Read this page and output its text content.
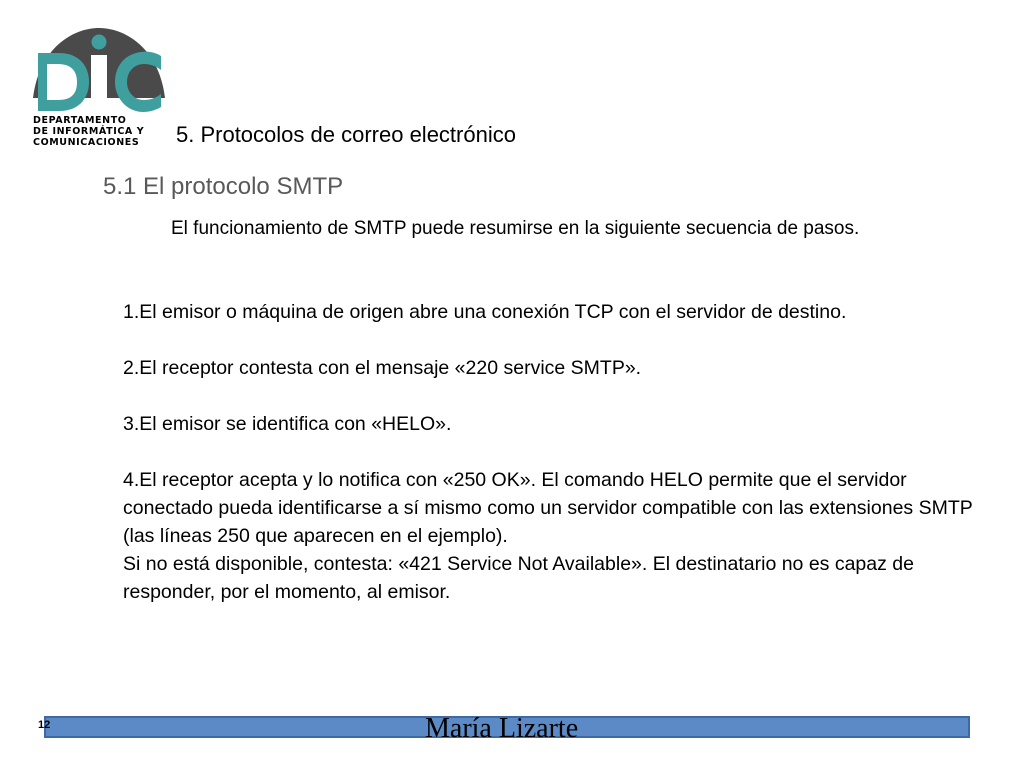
DEPARTAMENTO
DE INFORMÁTICA Y
COMUNICACIONES	5. Protocolos de correo electrónico
5.1 El protocolo SMTP

El funcionamiento de SMTP puede resumirse en la siguiente secuencia de pasos.

1.El emisor o máquina de origen abre una conexión TCP con el servidor de destino.

2.El receptor contesta con el mensaje «220 service SMTP».

3.El emisor se identifica con «HELO».

4.El receptor acepta y lo notifica con «250 OK». El comando HELO permite que el servidor conectado pueda identificarse a sí mismo como un servidor compatible con las extensiones SMTP (las líneas 250 que aparecen en el ejemplo).

Si no está disponible, contesta: «421 Service Not Available». El destinatario no es capaz de responder, por el momento, al emisor.

12	María Lizarte
